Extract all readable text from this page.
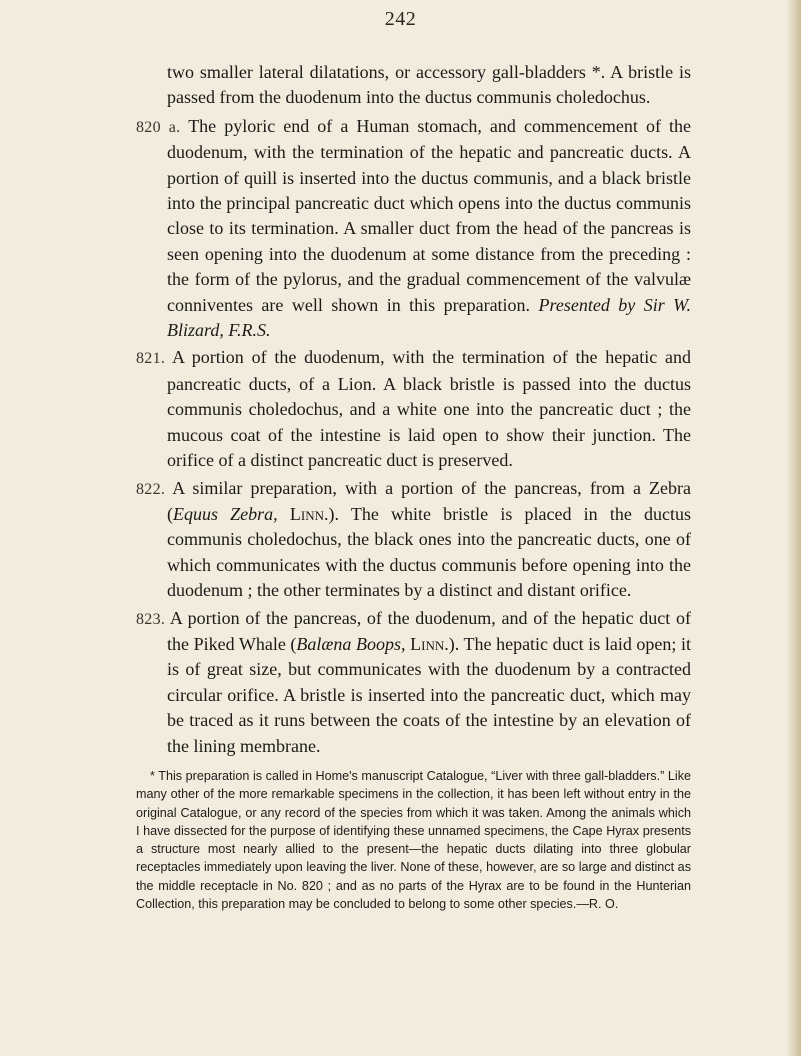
242

two smaller lateral dilatations, or accessory gall-bladders *. A bristle is passed from the duodenum into the ductus communis choledochus.

820 a. The pyloric end of a Human stomach, and commencement of the duodenum, with the termination of the hepatic and pancreatic ducts. A portion of quill is inserted into the ductus communis, and a black bristle into the principal pancreatic duct which opens into the ductus communis close to its termination. A smaller duct from the head of the pancreas is seen opening into the duodenum at some distance from the preceding : the form of the pylorus, and the gradual commencement of the valvulæ conniventes are well shown in this preparation. Presented by Sir W. Blizard, F.R.S.

821. A portion of the duodenum, with the termination of the hepatic and pancreatic ducts, of a Lion. A black bristle is passed into the ductus communis choledochus, and a white one into the pancreatic duct ; the mucous coat of the intestine is laid open to show their junction. The orifice of a distinct pancreatic duct is preserved.

822. A similar preparation, with a portion of the pancreas, from a Zebra (Equus Zebra, Linn.). The white bristle is placed in the ductus communis choledochus, the black ones into the pancreatic ducts, one of which communicates with the ductus communis before opening into the duodenum ; the other terminates by a distinct and distant orifice.

823. A portion of the pancreas, of the duodenum, and of the hepatic duct of the Piked Whale (Balæna Boops, Linn.). The hepatic duct is laid open; it is of great size, but communicates with the duodenum by a contracted circular orifice. A bristle is inserted into the pancreatic duct, which may be traced as it runs between the coats of the intestine by an elevation of the lining membrane.

* This preparation is called in Home's manuscript Catalogue, “Liver with three gall-bladders.” Like many other of the more remarkable specimens in the collection, it has been left without entry in the original Catalogue, or any record of the species from which it was taken. Among the animals which I have dissected for the purpose of identifying these unnamed specimens, the Cape Hyrax presents a structure most nearly allied to the present—the hepatic ducts dilating into three globular receptacles immediately upon leaving the liver. None of these, however, are so large and distinct as the middle receptacle in No. 820 ; and as no parts of the Hyrax are to be found in the Hunterian Collection, this preparation may be concluded to belong to some other species.—R. O.
